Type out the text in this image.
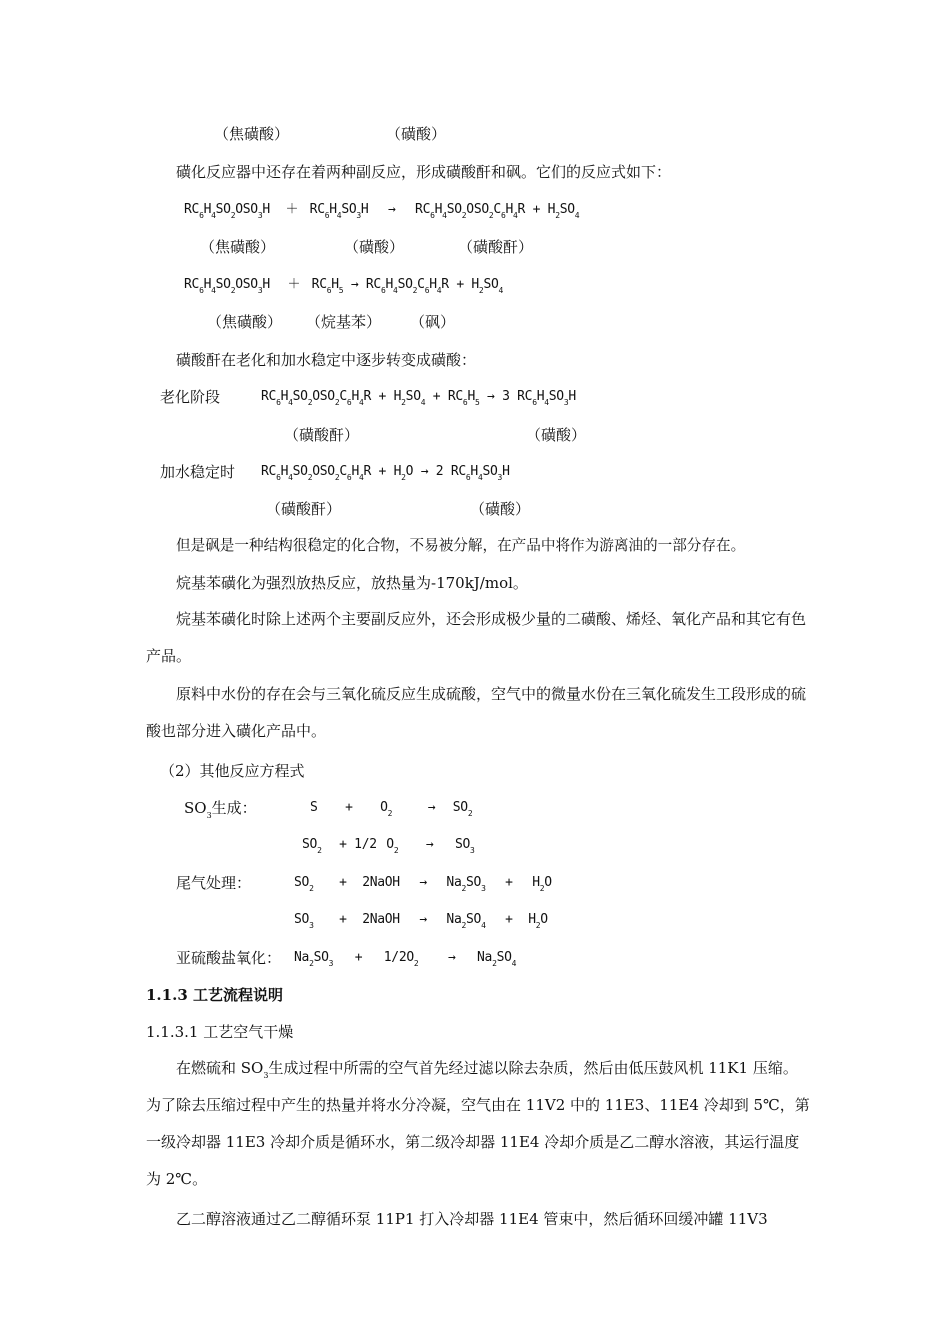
（焦磺酸）	（磺酸）
磺化反应器中还存在着两种副反应，形成磺酸酐和砜。它们的反应式如下：
$RC_6H_4SO_2OSO_3H + RC_6H_4SO_3H \to RC_6H_4SO_2OSO_2C_6H_4R + H_2SO_4$
（焦磺酸）	（磺酸）	（磺酸酐）
$RC_6H_4SO_2OSO_3H + RC_6H_5 \to RC_6H_4SO_2C_6H_4R + H_2SO_4$
（焦磺酸） （烷基苯） （砜）
磺酸酐在老化和加水稳定中逐步转变成磺酸：
老化阶段	$RC_6H_4SO_2OSO_2C_6H_4R + H_2SO_4 + RC_6H_5 \to 3$ $RC_6H_4SO_3H$
（磺酸酐）	（磺酸）
加水稳定时 $RC_6H_4SO_2OSO_2C_6H_4R + H_2O \to 2$ $RC_6H_4SO_3H$
（磺酸酐）	（磺酸）
但是砜是一种结构很稳定的化合物，不易被分解，在产品中将作为游离油的一部分存在。
烷基苯磺化为强烈放热反应，放热量为-170kJ/mol。
烷基苯磺化时除上述两个主要副反应外，还会形成极少量的二磺酸、烯烃、氧化产品和其它有色产品。
原料中水份的存在会与三氧化硫反应生成硫酸，空气中的微量水份在三氧化硫发生工段形成的硫酸也部分进入磺化产品中。
（2）其他反应方程式
$SO_3$生成：	$S + O_2$	→ $SO_2$
$SO_2 + 1/2$ $O_2 \to SO_3$
尾气处理：	$SO_2$ + 2NaOH → $Na_2SO_3 + H_2O$
$SO_3$ + 2NaOH → $Na_2SO_4 + H_2O$
亚硫酸盐氧化： $Na_2SO_3 + 1/2O_2 \to Na_2SO_4$
1.1.3 工艺流程说明
1.1.3.1 工艺空气干燥
在燃硫和 $SO_3$生成过程中所需的空气首先经过滤以除去杂质，然后由低压鼓风机 11K1 压缩。为了除去压缩过程中产生的热量并将水分冷凝，空气由在 11V2 中的 11E3、11E4 冷却到 5℃，第一级冷却器 11E3 冷却介质是循环水，第二级冷却器 11E4 冷却介质是乙二醇水溶液，其运行温度为 2℃。
乙二醇溶液通过乙二醇循环泵 11P1 打入冷却器 11E4 管束中，然后循环回缓冲罐 11V3
